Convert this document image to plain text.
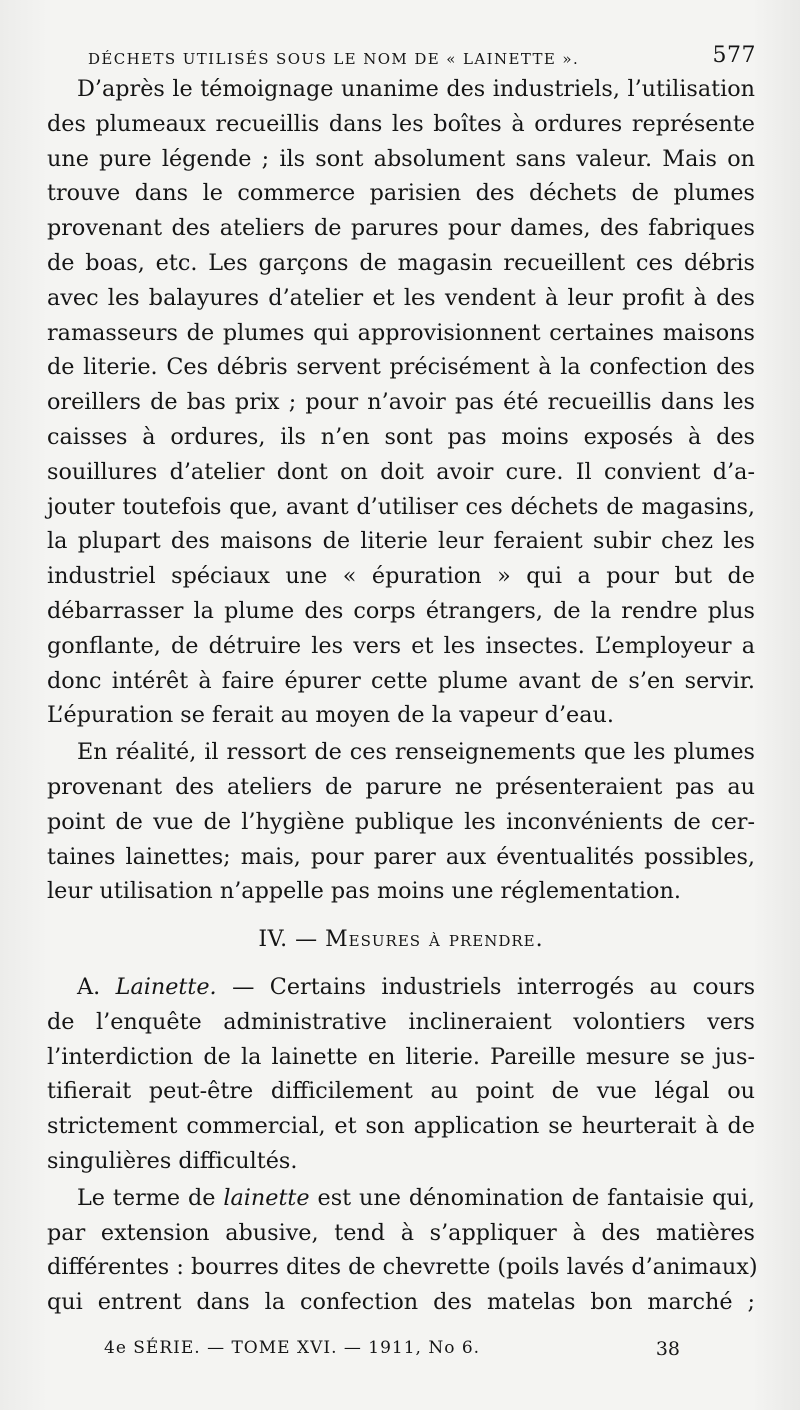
DÉCHETS UTILISÉS SOUS LE NOM DE « LAINETTE ».	577
D’après le témoignage unanime des industriels, l’utilisation
des plumeaux recueillis dans les boîtes à ordures représente
une pure légende ; ils sont absolument sans valeur. Mais on
trouve dans le commerce parisien des déchets de plumes
provenant des ateliers de parures pour dames, des fabriques
de boas, etc. Les garçons de magasin recueillent ces débris
avec les balayures d’atelier et les vendent à leur profit à des
ramasseurs de plumes qui approvisionnent certaines maisons
de literie. Ces débris servent précisément à la confection des
oreillers de bas prix ; pour n’avoir pas été recueillis dans les
caisses à ordures, ils n’en sont pas moins exposés à des
souillures d’atelier dont on doit avoir cure. Il convient d’a-
jouter toutefois que, avant d’utiliser ces déchets de magasins,
la plupart des maisons de literie leur feraient subir chez les
industriel spéciaux une « épuration » qui a pour but de
débarrasser la plume des corps étrangers, de la rendre plus
gonflante, de détruire les vers et les insectes. L’employeur a
donc intérêt à faire épurer cette plume avant de s’en servir.
L’épuration se ferait au moyen de la vapeur d’eau.
En réalité, il ressort de ces renseignements que les plumes
provenant des ateliers de parure ne présenteraient pas au
point de vue de l’hygiène publique les inconvénients de cer-
taines lainettes; mais, pour parer aux éventualités possibles,
leur utilisation n’appelle pas moins une réglementation.
IV. — Mesures à prendre.
A. Lainette. — Certains industriels interrogés au cours
de l’enquête administrative inclineraient volontiers vers
l’interdiction de la lainette en literie. Pareille mesure se jus-
tifierait peut-être difficilement au point de vue légal ou
strictement commercial, et son application se heurterait à de
singulières difficultés.
Le terme de lainette est une dénomination de fantaisie qui,
par extension abusive, tend à s’appliquer à des matières
différentes : bourres dites de chevrette (poils lavés d’animaux)
qui entrent dans la confection des matelas bon marché ;
4e SÉRIE. — TOME XVI. — 1911, No 6.	38
